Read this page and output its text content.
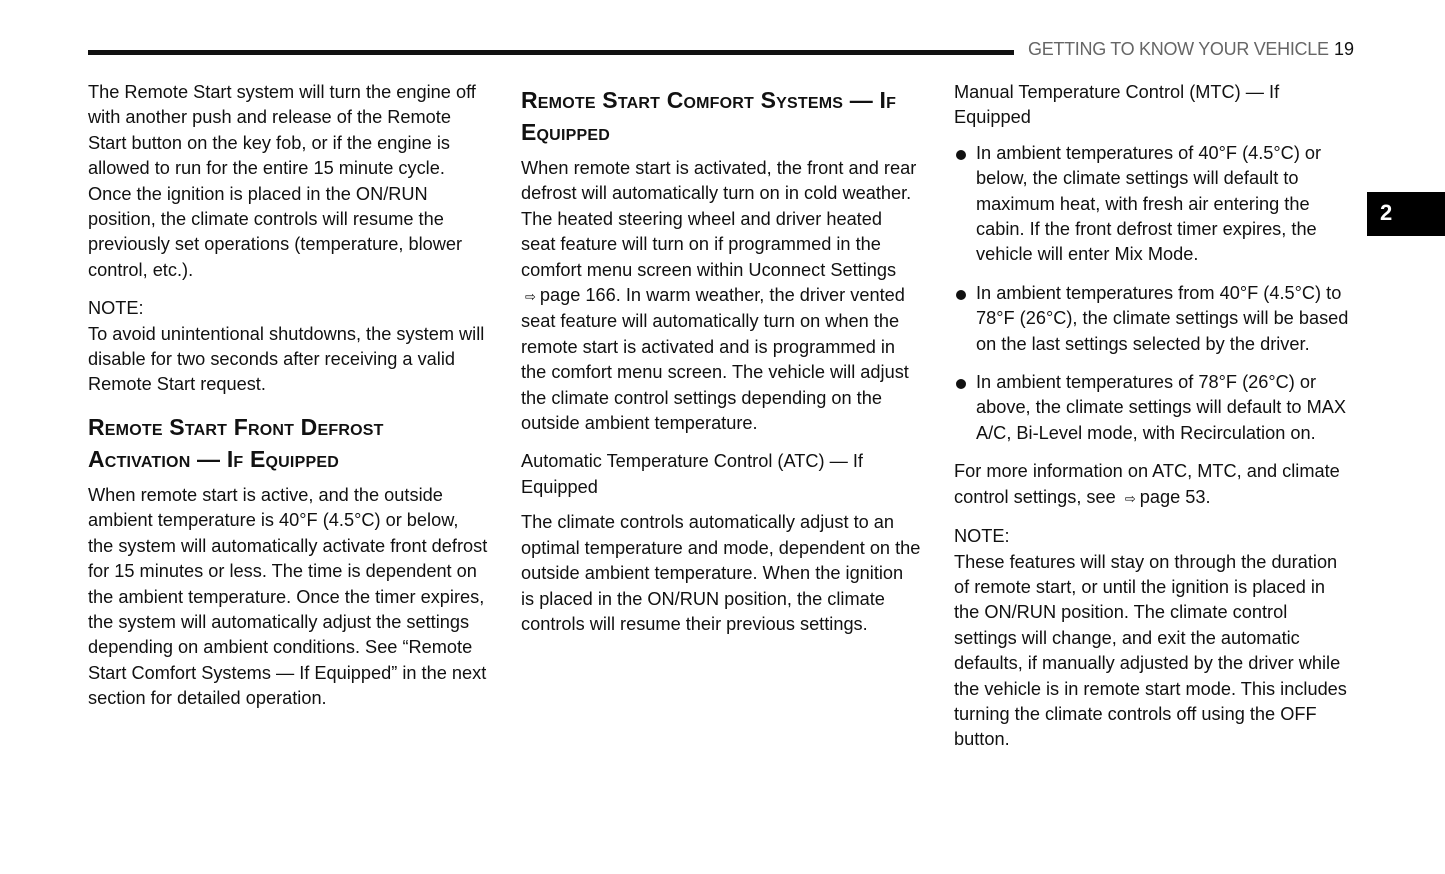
GETTING TO KNOW YOUR VEHICLE 19
2

The Remote Start system will turn the engine off with another push and release of the Remote Start button on the key fob, or if the engine is allowed to run for the entire 15 minute cycle. Once the ignition is placed in the ON/RUN position, the climate controls will resume the previously set operations (temperature, blower control, etc.).

NOTE:

To avoid unintentional shutdowns, the system will disable for two seconds after receiving a valid Remote Start request.

Remote Start Front Defrost Activation — If Equipped

When remote start is active, and the outside ambient temperature is 40°F (4.5°C) or below, the system will automatically activate front defrost for 15 minutes or less. The time is dependent on the ambient temperature. Once the timer expires, the system will automatically adjust the settings depending on ambient conditions. See “Remote Start Comfort Systems — If Equipped” in the next section for detailed operation.

Remote Start Comfort Systems — If Equipped

When remote start is activated, the front and rear defrost will automatically turn on in cold weather. The heated steering wheel and driver heated seat feature will turn on if programmed in the comfort menu screen within Uconnect Settings ⇨ page 166. In warm weather, the driver vented seat feature will automatically turn on when the remote start is activated and is programmed in the comfort menu screen. The vehicle will adjust the climate control settings depending on the outside ambient temperature.

Automatic Temperature Control (ATC) — If Equipped

The climate controls automatically adjust to an optimal temperature and mode, dependent on the outside ambient temperature. When the ignition is placed in the ON/RUN position, the climate controls will resume their previous settings.

Manual Temperature Control (MTC) — If Equipped
In ambient temperatures of 40°F (4.5°C) or below, the climate settings will default to maximum heat, with fresh air entering the cabin. If the front defrost timer expires, the vehicle will enter Mix Mode.
In ambient temperatures from 40°F (4.5°C) to 78°F (26°C), the climate settings will be based on the last settings selected by the driver.
In ambient temperatures of 78°F (26°C) or above, the climate settings will default to MAX A/C, Bi-Level mode, with Recirculation on.

For more information on ATC, MTC, and climate control settings, see ⇨ page 53.

NOTE:

These features will stay on through the duration of remote start, or until the ignition is placed in the ON/RUN position. The climate control settings will change, and exit the automatic defaults, if manually adjusted by the driver while the vehicle is in remote start mode. This includes turning the climate controls off using the OFF button.
